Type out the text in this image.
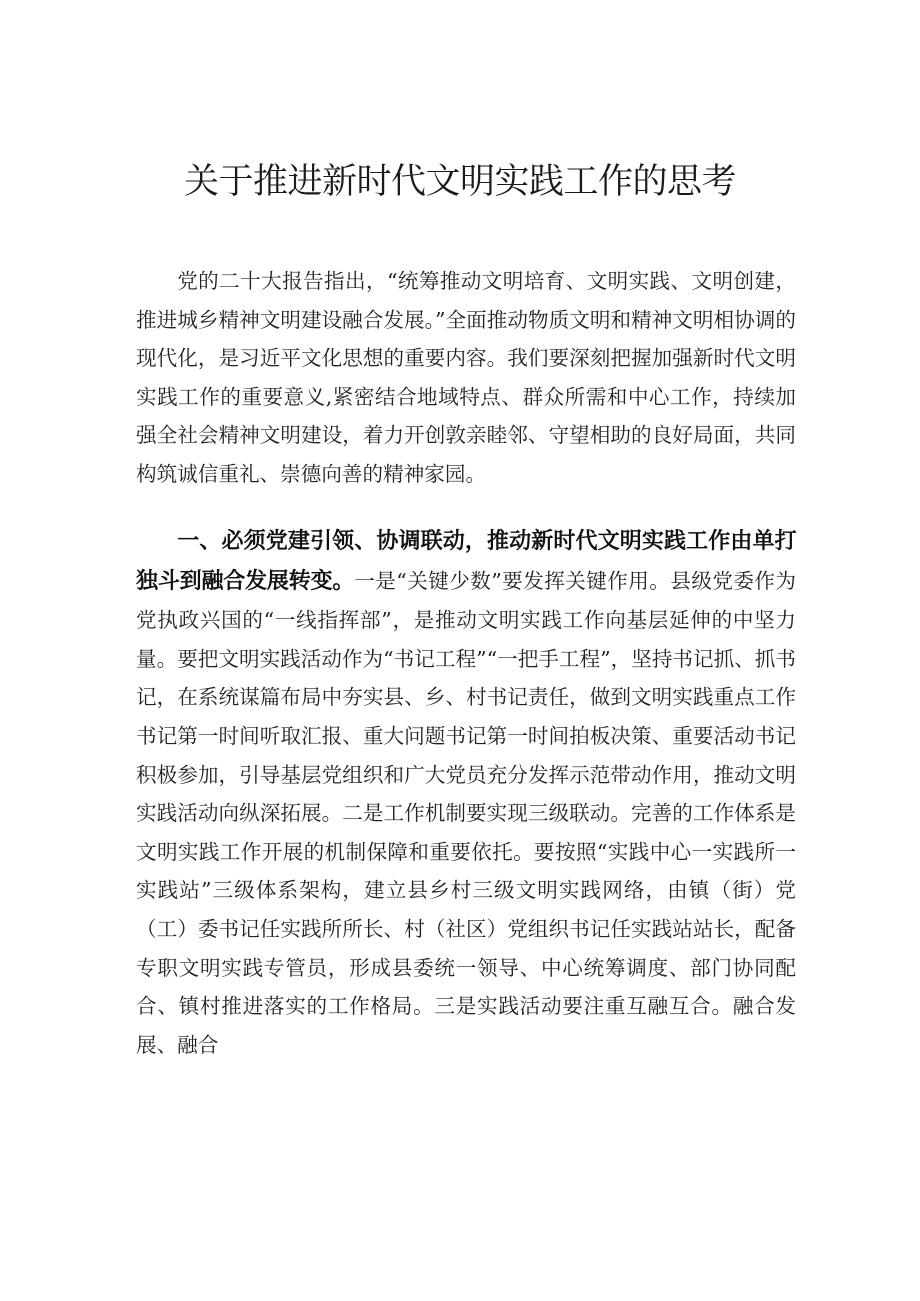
关于推进新时代文明实践工作的思考

党的二十大报告指出，“统筹推动文明培育、文明实践、文明创建，推进城乡精神文明建设融合发展。”全面推动物质文明和精神文明相协调的现代化，是习近平文化思想的重要内容。我们要深刻把握加强新时代文明实践工作的重要意义,紧密结合地域特点、群众所需和中心工作，持续加强全社会精神文明建设，着力开创敦亲睦邻、守望相助的良好局面，共同构筑诚信重礼、崇德向善的精神家园。

一、必须党建引领、协调联动，推动新时代文明实践工作由单打独斗到融合发展转变。一是“关键少数”要发挥关键作用。县级党委作为党执政兴国的“一线指挥部”，是推动文明实践工作向基层延伸的中坚力量。要把文明实践活动作为“书记工程”“一把手工程”，坚持书记抓、抓书记，在系统谋篇布局中夯实县、乡、村书记责任，做到文明实践重点工作书记第一时间听取汇报、重大问题书记第一时间拍板决策、重要活动书记积极参加，引导基层党组织和广大党员充分发挥示范带动作用，推动文明实践活动向纵深拓展。二是工作机制要实现三级联动。完善的工作体系是文明实践工作开展的机制保障和重要依托。要按照“实践中心一实践所一实践站”三级体系架构，建立县乡村三级文明实践网络，由镇（街）党（工）委书记任实践所所长、村（社区）党组织书记任实践站站长，配备专职文明实践专管员，形成县委统一领导、中心统筹调度、部门协同配合、镇村推进落实的工作格局。三是实践活动要注重互融互合。融合发展、融合
